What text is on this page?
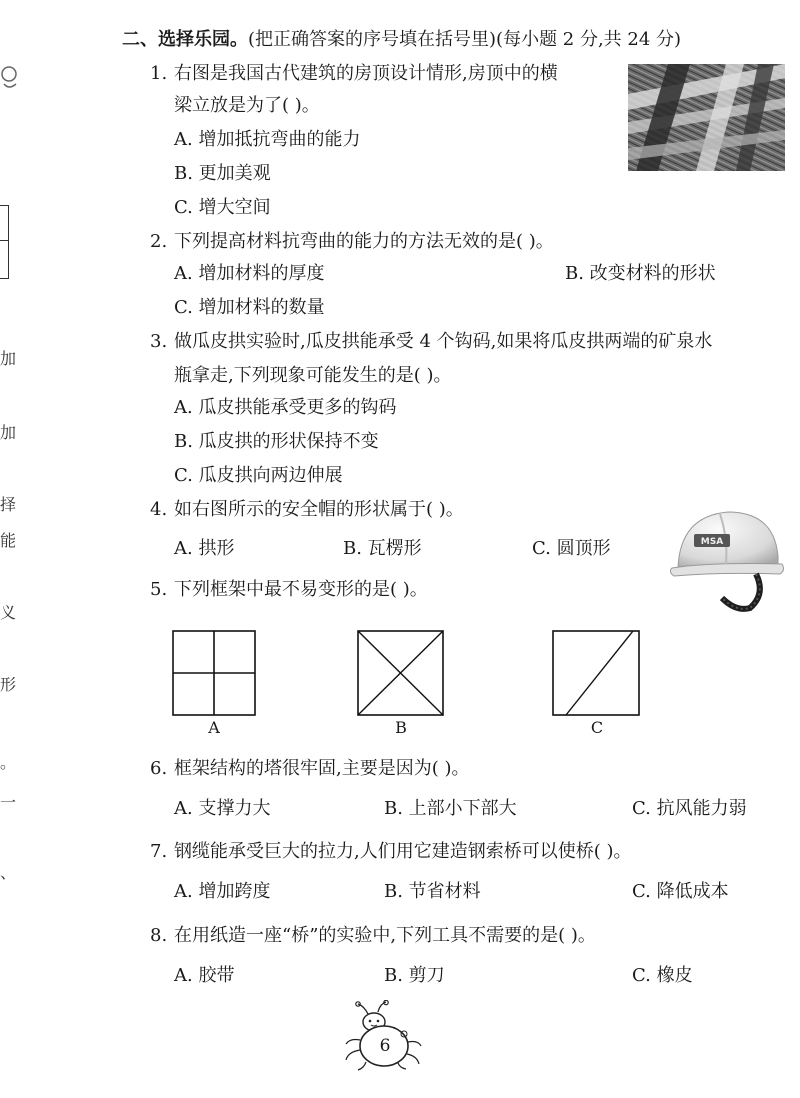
加
加
择
能
义
形
。
一
、
二、选择乐园。(把正确答案的序号填在括号里)(每小题 2 分,共 24 分)
1. 右图是我国古代建筑的房顶设计情形,房顶中的横
梁立放是为了( )。
A. 增加抵抗弯曲的能力
B. 更加美观
C. 增大空间
2. 下列提高材料抗弯曲的能力的方法无效的是( )。
A. 增加材料的厚度	B. 改变材料的形状
C. 增加材料的数量
3. 做瓜皮拱实验时,瓜皮拱能承受 4 个钩码,如果将瓜皮拱两端的矿泉水
瓶拿走,下列现象可能发生的是( )。
A. 瓜皮拱能承受更多的钩码
B. 瓜皮拱的形状保持不变
C. 瓜皮拱向两边伸展
4. 如右图所示的安全帽的形状属于( )。
A. 拱形	B. 瓦楞形	C. 圆顶形	MSA
5. 下列框架中最不易变形的是( )。
A	B	C
6. 框架结构的塔很牢固,主要是因为( )。
A. 支撑力大	B. 上部小下部大	C. 抗风能力弱
7. 钢缆能承受巨大的拉力,人们用它建造钢索桥可以使桥( )。
A. 增加跨度	B. 节省材料	C. 降低成本
8. 在用纸造一座“桥”的实验中,下列工具不需要的是( )。
A. 胶带	B. 剪刀	C. 橡皮
6
